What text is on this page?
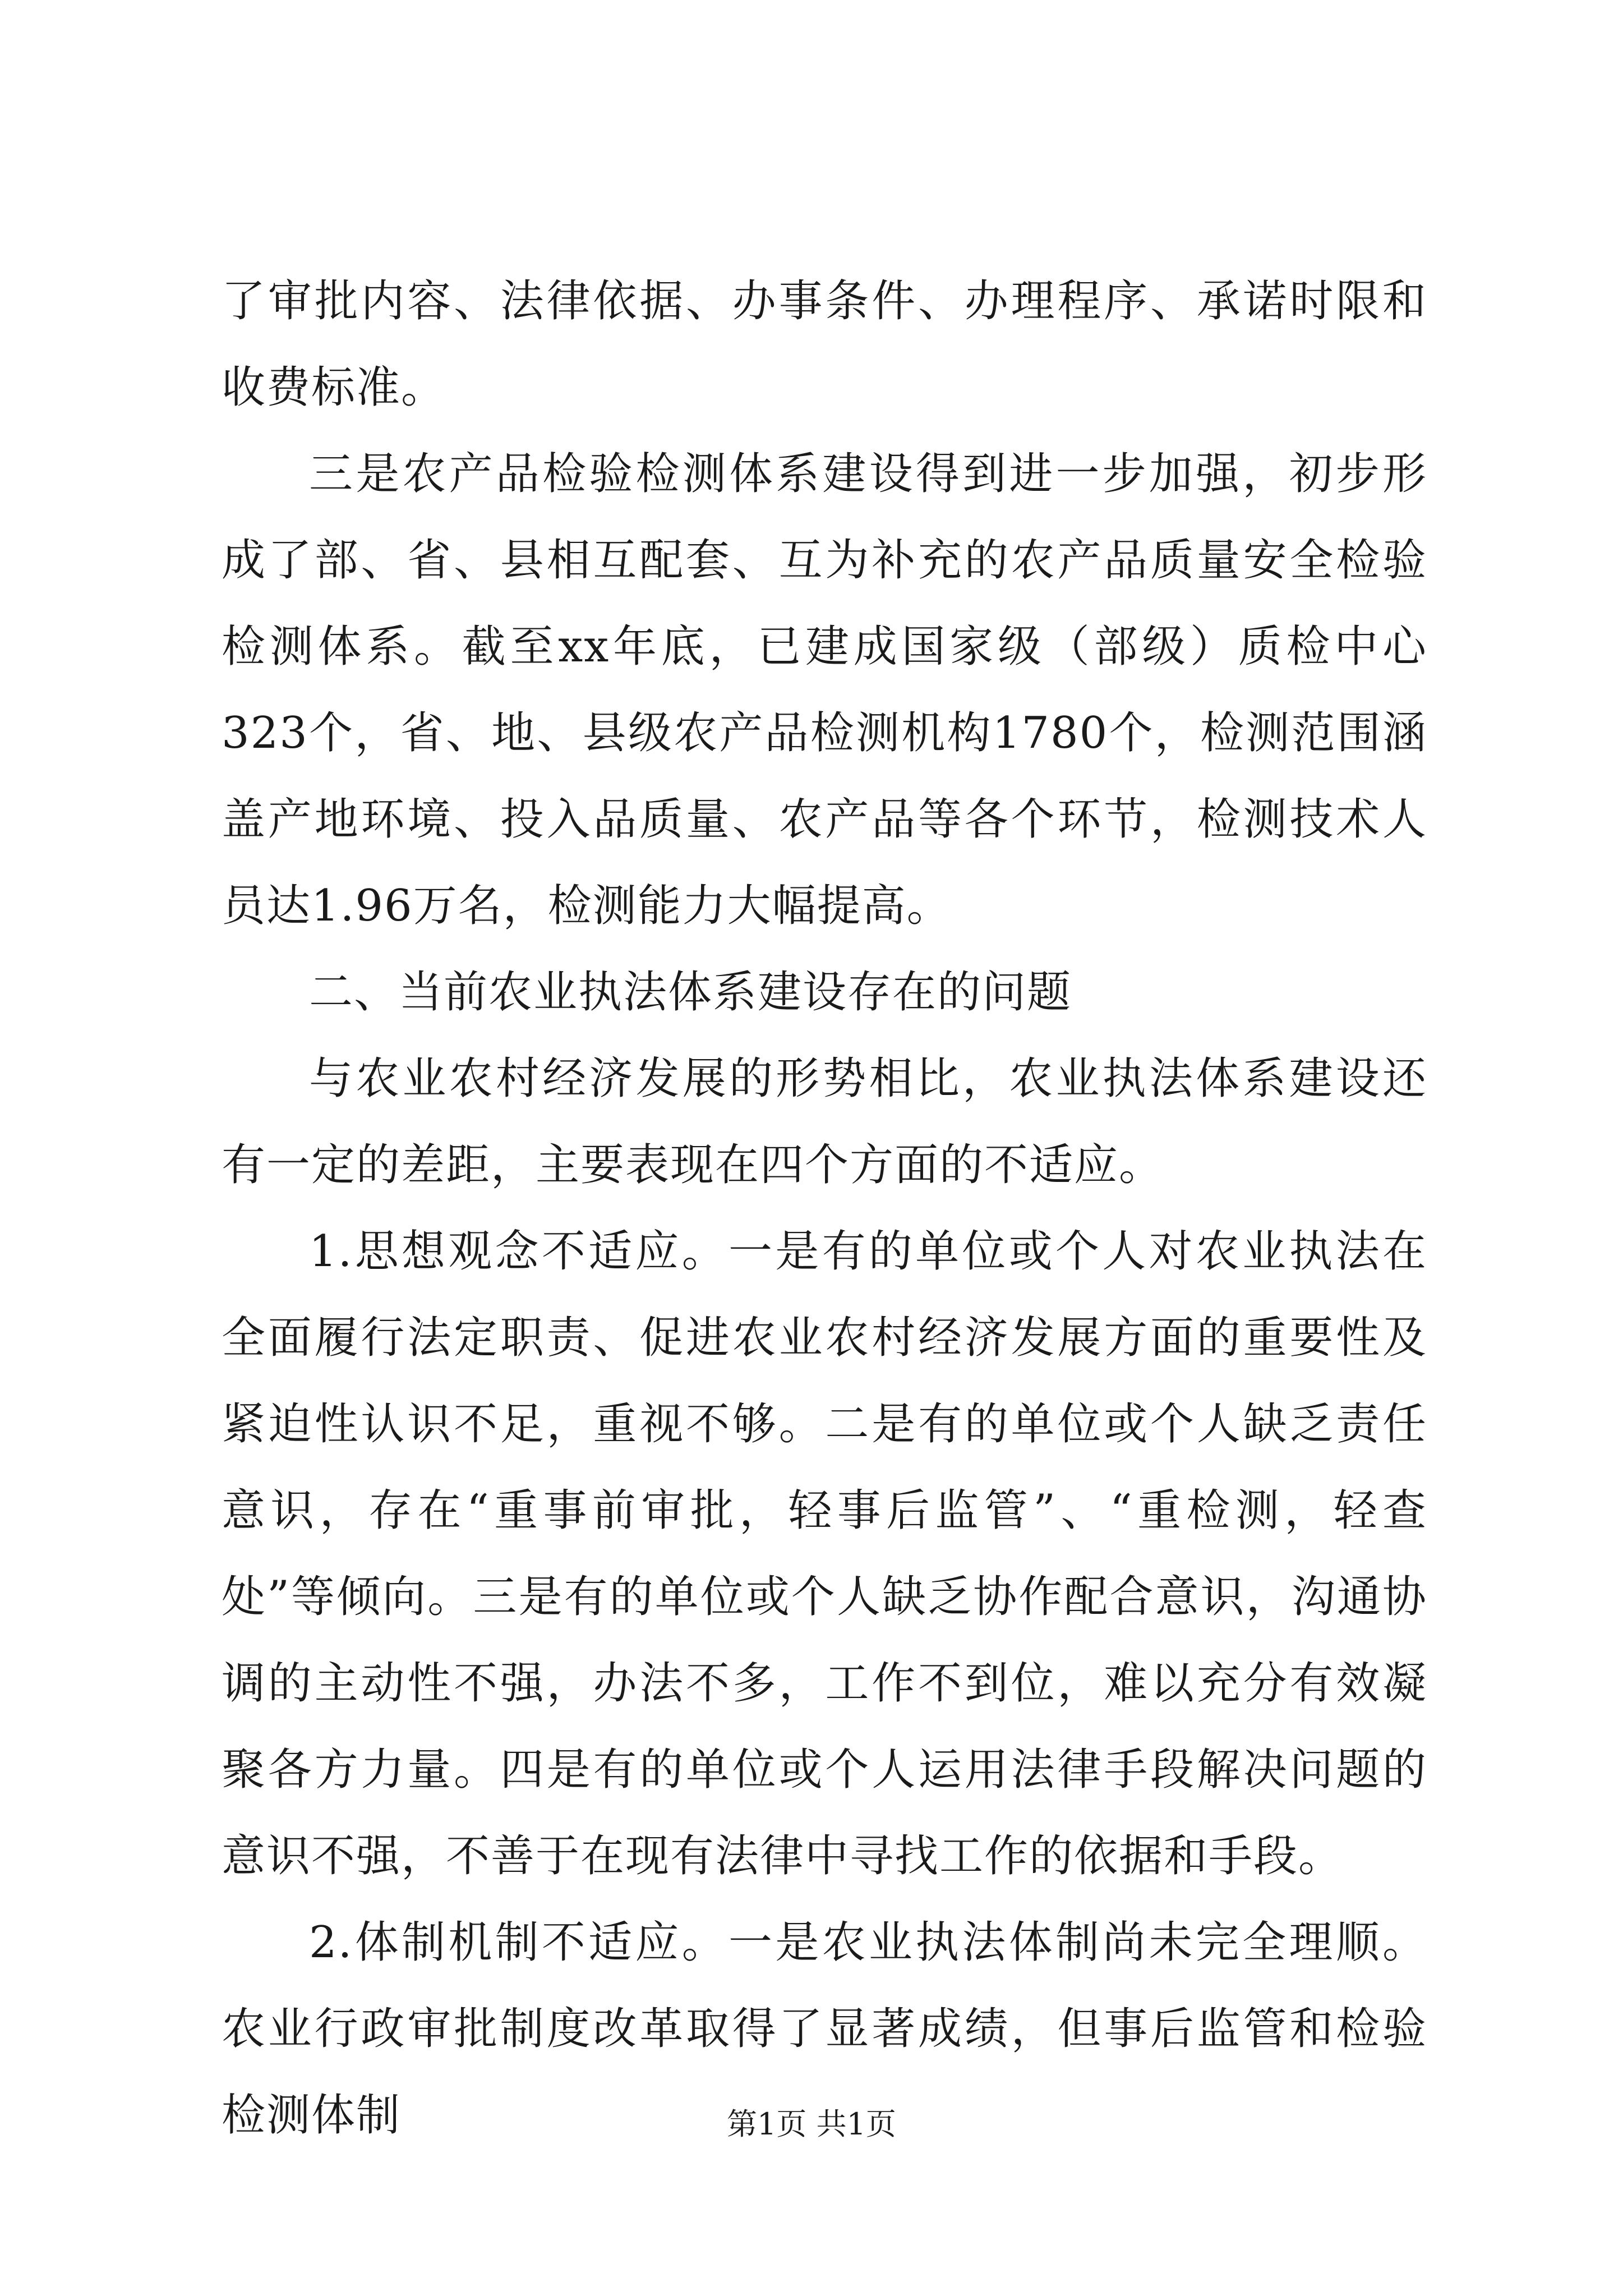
了审批内容、法律依据、办事条件、办理程序、承诺时限和收费标准。

三是农产品检验检测体系建设得到进一步加强，初步形成了部、省、县相互配套、互为补充的农产品质量安全检验检测体系。截至xx年底，已建成国家级（部级）质检中心323个，省、地、县级农产品检测机构1780个，检测范围涵盖产地环境、投入品质量、农产品等各个环节，检测技术人员达1.96万名，检测能力大幅提高。

二、当前农业执法体系建设存在的问题

与农业农村经济发展的形势相比，农业执法体系建设还有一定的差距，主要表现在四个方面的不适应。

1.思想观念不适应。一是有的单位或个人对农业执法在全面履行法定职责、促进农业农村经济发展方面的重要性及紧迫性认识不足，重视不够。二是有的单位或个人缺乏责任意识，存在“重事前审批，轻事后监管”、“重检测，轻查处”等倾向。三是有的单位或个人缺乏协作配合意识，沟通协调的主动性不强，办法不多，工作不到位，难以充分有效凝聚各方力量。四是有的单位或个人运用法律手段解决问题的意识不强，不善于在现有法律中寻找工作的依据和手段。

2.体制机制不适应。一是农业执法体制尚未完全理顺。农业行政审批制度改革取得了显著成绩，但事后监管和检验检测体制	第1页 共1页
